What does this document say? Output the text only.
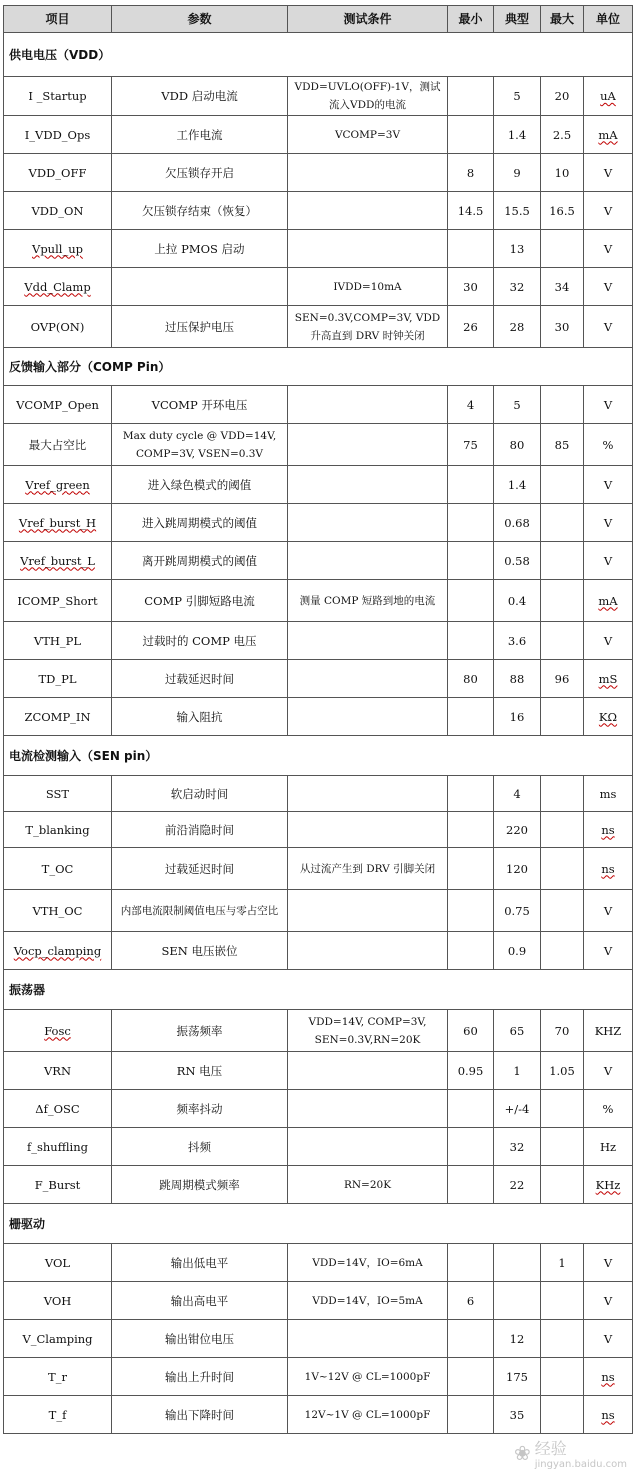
项目	参数	测试条件	最小	典型	最大	单位
供电电压（VDD）						
I _Startup	VDD 启动电流	VDD=UVLO(OFF)-1V，测试流入VDD的电流		5	20	uA
I_VDD_Ops	工作电流	VCOMP=3V		1.4	2.5	mA
VDD_OFF	欠压锁存开启		8	9	10	V
VDD_ON	欠压锁存结束（恢复）		14.5	15.5	16.5	V
Vpull_up	上拉 PMOS 启动			13		V
Vdd_Clamp		IVDD=10mA	30	32	34	V
OVP(ON)	过压保护电压	SEN=0.3V,COMP=3V, VDD 升高直到 DRV 时钟关闭	26	28	30	V
反馈输入部分（COMP Pin）						
VCOMP_Open	VCOMP 开环电压		4	5		V
最大占空比	Max duty cycle @ VDD=14V, COMP=3V, VSEN=0.3V		75	80	85	%
Vref_green	进入绿色模式的阈值			1.4		V
Vref_burst_H	进入跳周期模式的阈值			0.68		V
Vref_burst_L	离开跳周期模式的阈值			0.58		V
ICOMP_Short	COMP 引脚短路电流	测量 COMP 短路到地的电流		0.4		mA
VTH_PL	过载时的 COMP 电压			3.6		V
TD_PL	过载延迟时间		80	88	96	mS
ZCOMP_IN	输入阻抗			16		KΩ
电流检测输入（SEN pin）						
SST	软启动时间			4		ms
T_blanking	前沿消隐时间			220		ns
T_OC	过载延迟时间	从过流产生到 DRV 引脚关闭		120		ns
VTH_OC	内部电流限制阈值电压与零占空比			0.75		V
Vocp_clamping	SEN 电压嵌位			0.9		V
振荡器						
Fosc	振荡频率	VDD=14V, COMP=3V, SEN=0.3V,RN=20K	60	65	70	KHZ
VRN	RN 电压		0.95	1	1.05	V
Δf_OSC	频率抖动			+/-4		%
f_shuffling	抖频			32		Hz
F_Burst	跳周期模式频率	RN=20K		22		KHz
栅驱动						
VOL	输出低电平	VDD=14V，IO=6mA			1	V
VOH	输出高电平	VDD=14V，IO=5mA	6			V
V_Clamping	输出钳位电压			12		V
T_r	输出上升时间	1V~12V @ CL=1000pF		175		ns
T_f	输出下降时间	12V~1V @ CL=1000pF		35		ns
❀ 经验
jingyan.baidu.com
